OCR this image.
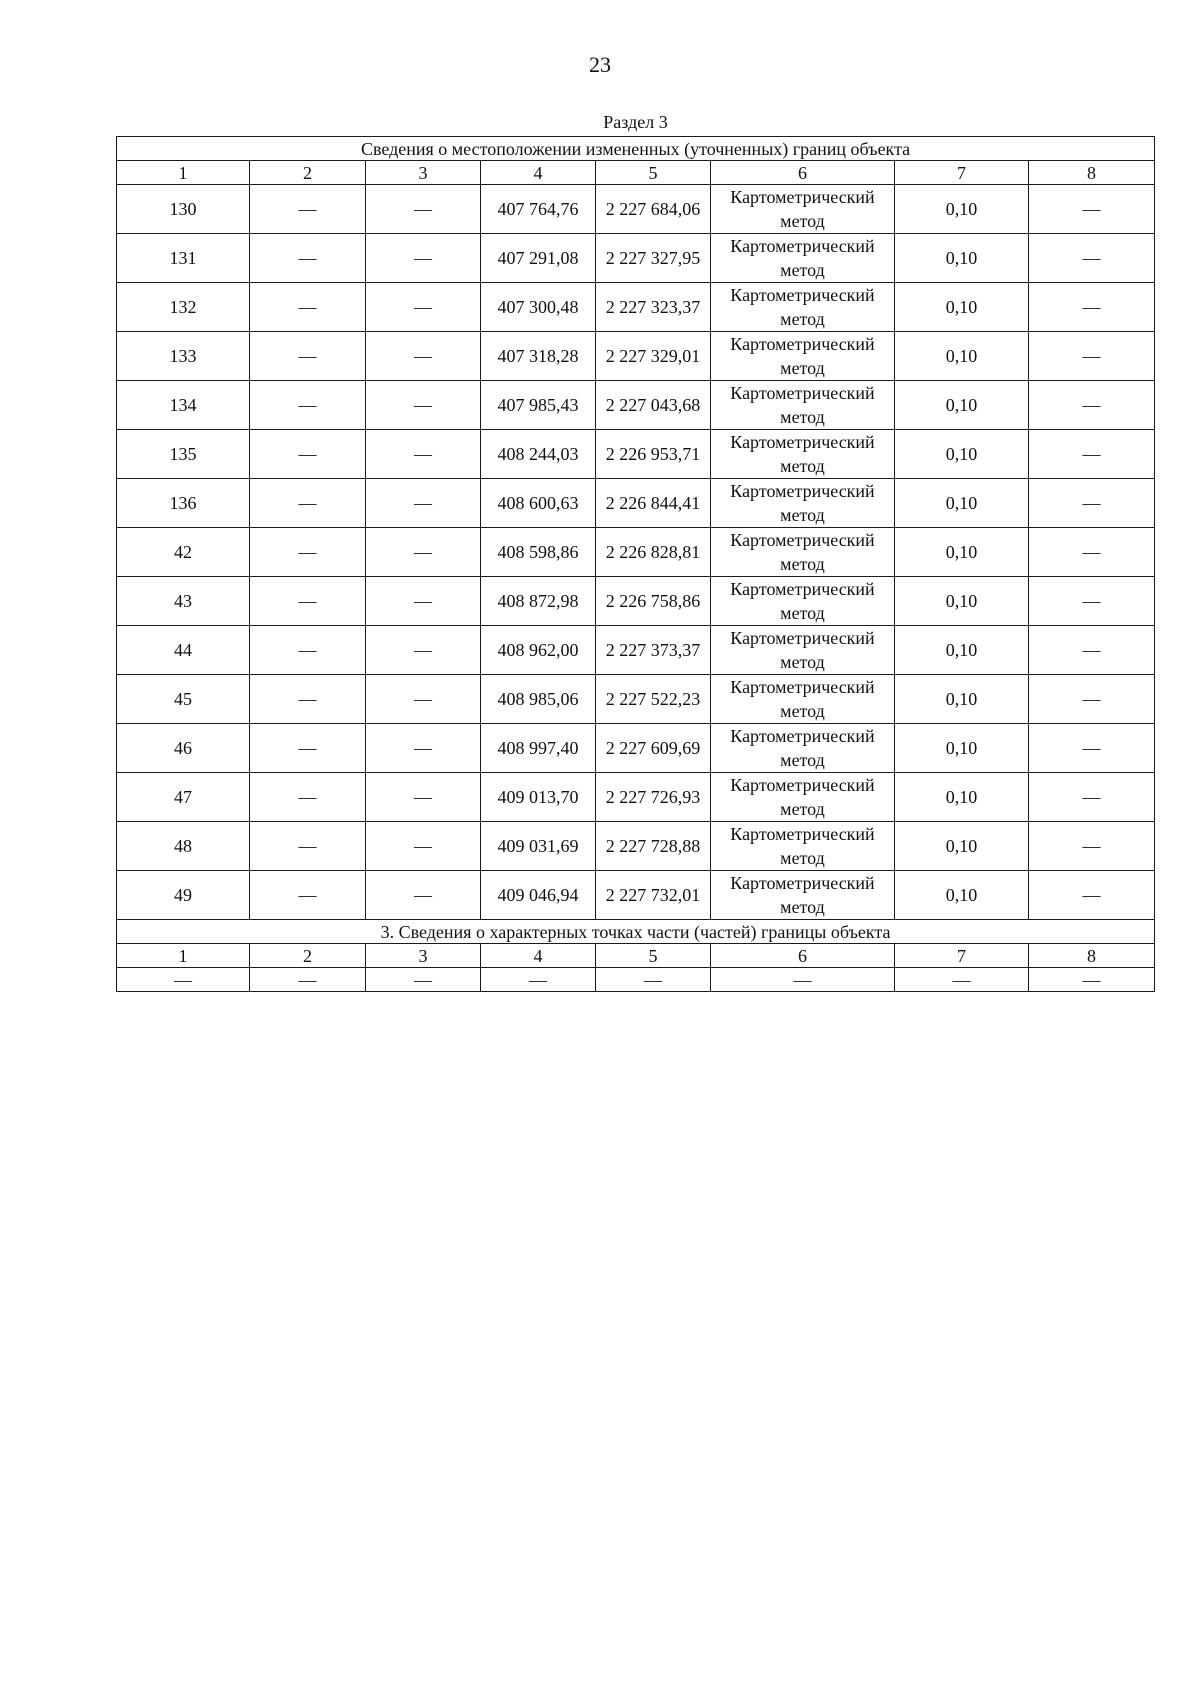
23
Раздел 3
Сведения о местоположении измененных (уточненных) границ объекта							
1	2	3	4	5	6	7	8
130	—	—	407 764,76	2 227 684,06	Картометрический метод	0,10	—
131	—	—	407 291,08	2 227 327,95	Картометрический метод	0,10	—
132	—	—	407 300,48	2 227 323,37	Картометрический метод	0,10	—
133	—	—	407 318,28	2 227 329,01	Картометрический метод	0,10	—
134	—	—	407 985,43	2 227 043,68	Картометрический метод	0,10	—
135	—	—	408 244,03	2 226 953,71	Картометрический метод	0,10	—
136	—	—	408 600,63	2 226 844,41	Картометрический метод	0,10	—
42	—	—	408 598,86	2 226 828,81	Картометрический метод	0,10	—
43	—	—	408 872,98	2 226 758,86	Картометрический метод	0,10	—
44	—	—	408 962,00	2 227 373,37	Картометрический метод	0,10	—
45	—	—	408 985,06	2 227 522,23	Картометрический метод	0,10	—
46	—	—	408 997,40	2 227 609,69	Картометрический метод	0,10	—
47	—	—	409 013,70	2 227 726,93	Картометрический метод	0,10	—
48	—	—	409 031,69	2 227 728,88	Картометрический метод	0,10	—
49	—	—	409 046,94	2 227 732,01	Картометрический метод	0,10	—
3. Сведения о характерных точках части (частей) границы объекта							
1	2	3	4	5	6	7	8
—	—	—	—	—	—	—	—
